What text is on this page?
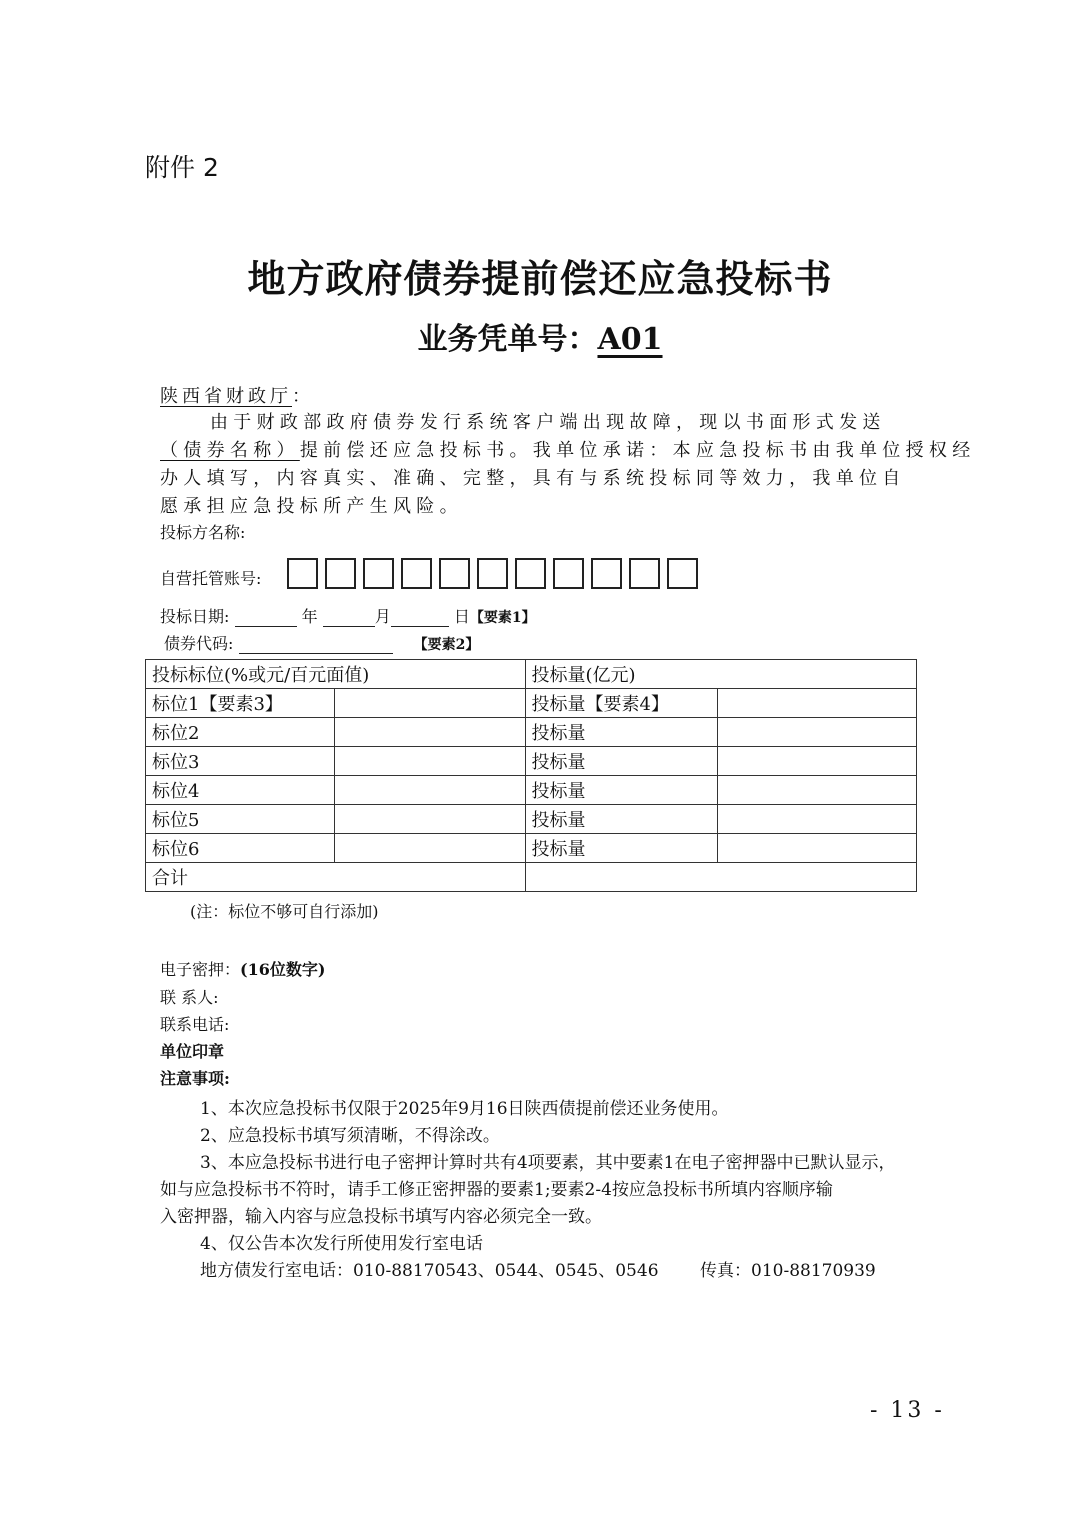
附件 2
地方政府债券提前偿还应急投标书
业务凭单号：A01
陕西省财政厅：
由于财政部政府债券发行系统客户端出现故障，现以书面形式发送
（债券名称）提前偿还应急投标书。我单位承诺：本应急投标书由我单位授权经
办人填写，内容真实、准确、完整，具有与系统投标同等效力，我单位自
愿承担应急投标所产生风险。
投标方名称:
自营托管账号:
投标日期:	年	月	日【要素1】
债券代码:	【要素2】
投标标位(%或元/百元面值)		投标量(亿元)	
标位1【要素3】		投标量【要素4】	
标位2		投标量	
标位3		投标量	
标位4		投标量	
标位5		投标量	
标位6		投标量	
合计			
(注：标位不够可自行添加)
电子密押：(16位数字)
联 系人:
联系电话:
单位印章
注意事项:
1、本次应急投标书仅限于2025年9月16日陕西债提前偿还业务使用。
2、应急投标书填写须清晰，不得涂改。
3、本应急投标书进行电子密押计算时共有4项要素，其中要素1在电子密押器中已默认显示，
如与应急投标书不符时，请手工修正密押器的要素1;要素2-4按应急投标书所填内容顺序输
入密押器，输入内容与应急投标书填写内容必须完全一致。
4、仅公告本次发行所使用发行室电话
地方债发行室电话：010-88170543、0544、0545、0546 传真：010-88170939
- 13 -
